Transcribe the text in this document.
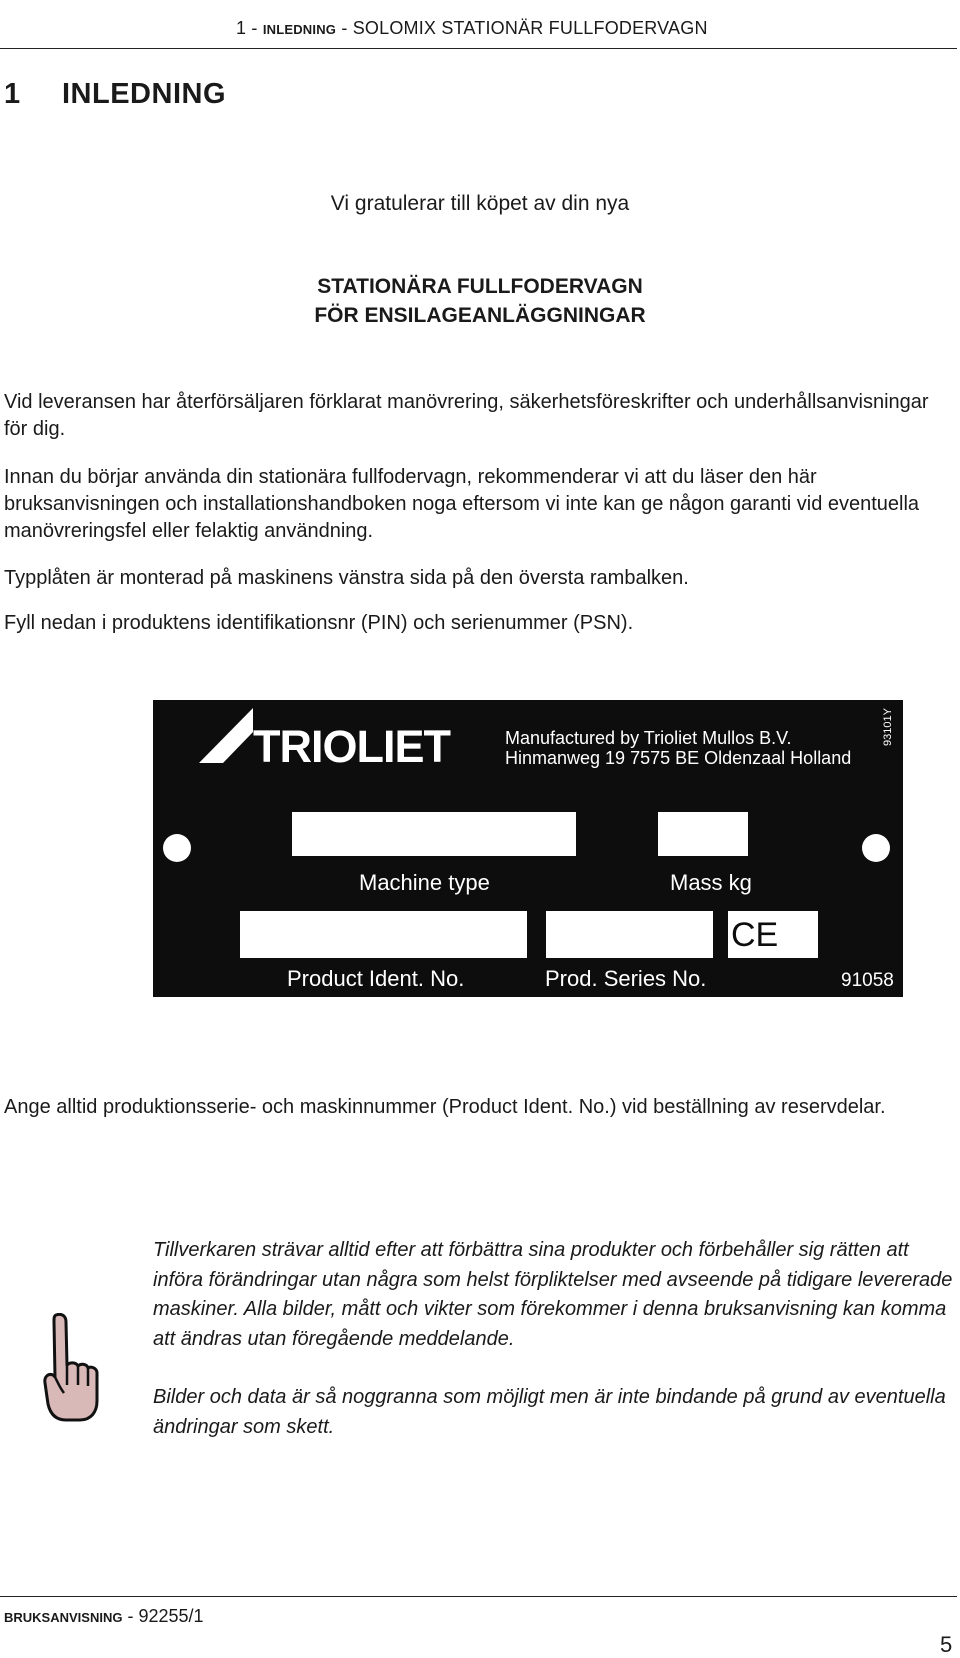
1 - INLEDNING - SOLOMIX STATIONÄR FULLFODERVAGN
1 INLEDNING
Vi gratulerar till köpet av din nya
STATIONÄRA FULLFODERVAGN
FÖR ENSILAGEANLÄGGNINGAR
Vid leveransen har återförsäljaren förklarat manövrering, säkerhetsföreskrifter och underhållsanvisningar för dig.
Innan du börjar använda din stationära fullfodervagn, rekommenderar vi att du läser den här bruksanvisningen och installationshandboken noga eftersom vi inte kan ge någon garanti vid eventuella manövreringsfel eller felaktig användning.
Typplåten är monterad på maskinens vänstra sida på den översta rambalken.
Fyll nedan i produktens identifikationsnr (PIN) och serienummer (PSN).
TRIOLIET	Manufactured by Trioliet Mullos B.V.
Hinmanweg 19 7575 BE Oldenzaal Holland
93101Y
Machine type	Mass kg
CE
Product Ident. No.	Prod. Series No.	91058
Ange alltid produktionsserie- och maskinnummer (Product Ident. No.) vid beställning av reservdelar.
Tillverkaren strävar alltid efter att förbättra sina produkter och förbehåller sig rätten att införa förändringar utan några som helst förpliktelser med avseende på tidigare levererade maskiner. Alla bilder, mått och vikter som förekommer i denna bruksanvisning kan komma att ändras utan föregående meddelande.
Bilder och data är så noggranna som möjligt men är inte bindande på grund av eventuella ändringar som skett.
BRUKSANVISNING - 92255/1
5
